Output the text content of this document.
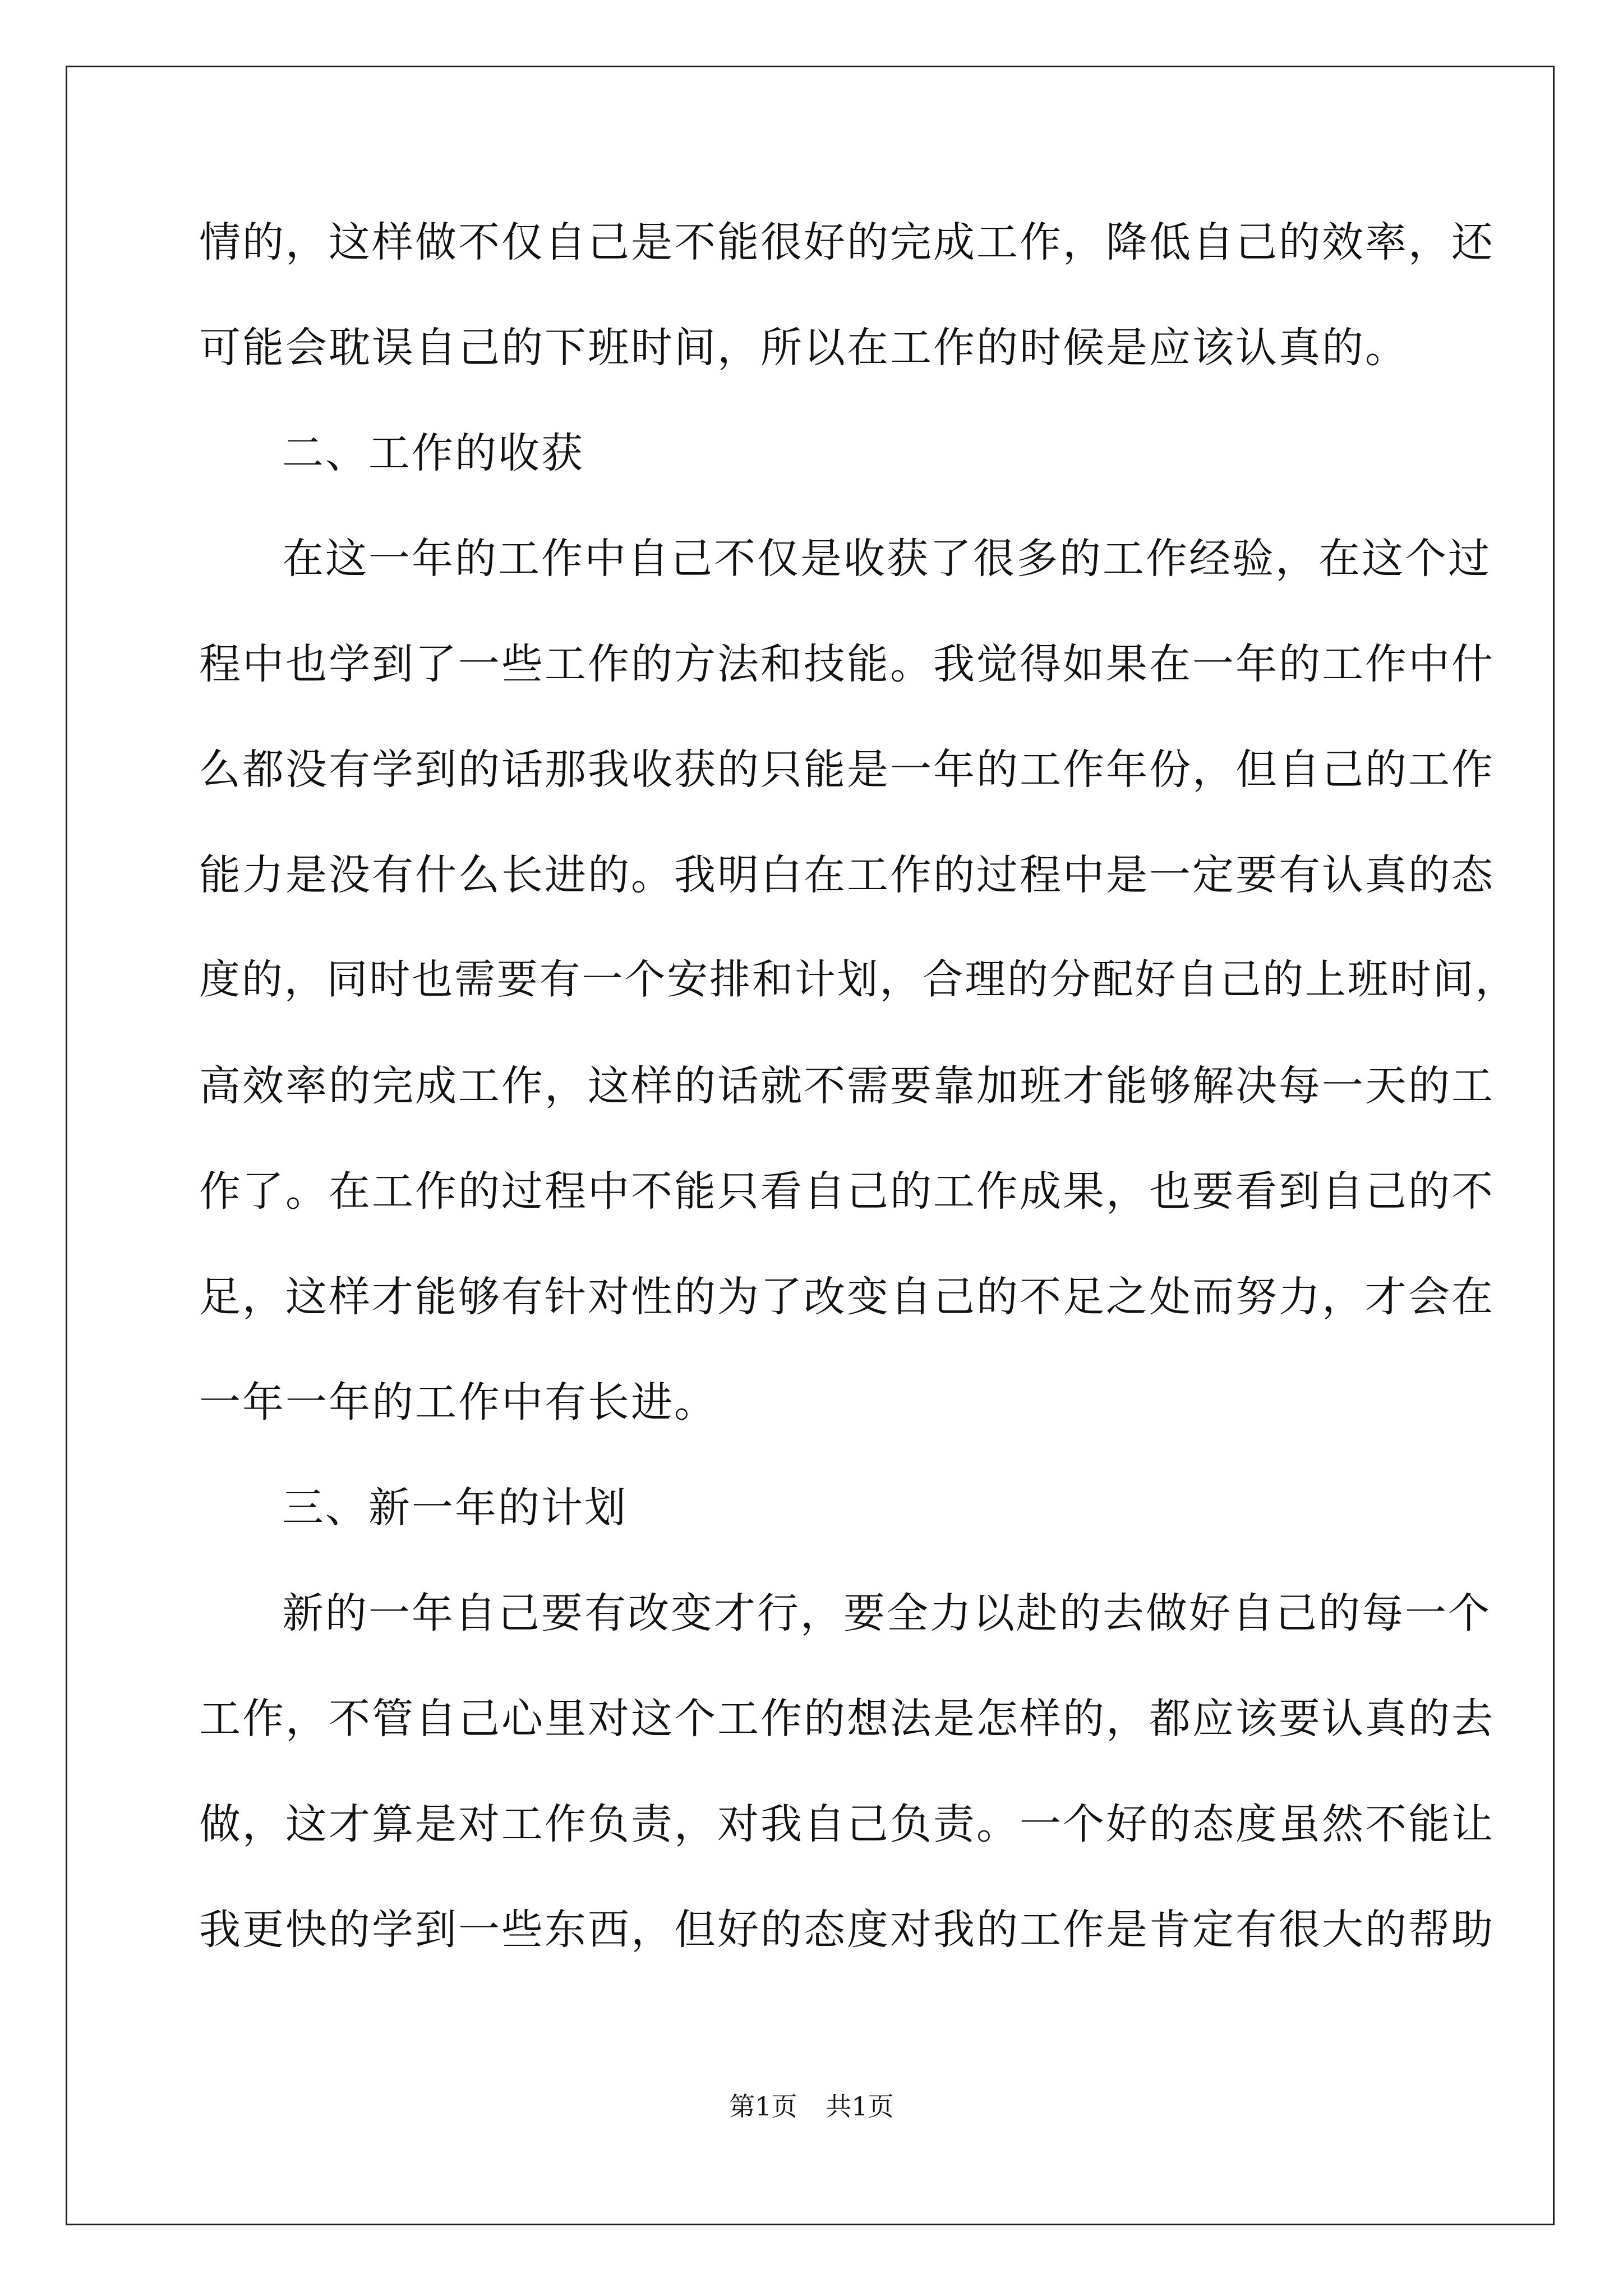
情的，这样做不仅自己是不能很好的完成工作，降低自己的效率，还
可能会耽误自己的下班时间，所以在工作的时候是应该认真的。
二、工作的收获
在这一年的工作中自己不仅是收获了很多的工作经验，在这个过
程中也学到了一些工作的方法和技能。我觉得如果在一年的工作中什
么都没有学到的话那我收获的只能是一年的工作年份，但自己的工作
能力是没有什么长进的。我明白在工作的过程中是一定要有认真的态
度的，同时也需要有一个安排和计划，合理的分配好自己的上班时间，
高效率的完成工作，这样的话就不需要靠加班才能够解决每一天的工
作了。在工作的过程中不能只看自己的工作成果，也要看到自己的不
足，这样才能够有针对性的为了改变自己的不足之处而努力，才会在
一年一年的工作中有长进。
三、新一年的计划
新的一年自己要有改变才行，要全力以赴的去做好自己的每一个
工作，不管自己心里对这个工作的想法是怎样的，都应该要认真的去
做，这才算是对工作负责，对我自己负责。一个好的态度虽然不能让
我更快的学到一些东西，但好的态度对我的工作是肯定有很大的帮助
第1页 共1页
